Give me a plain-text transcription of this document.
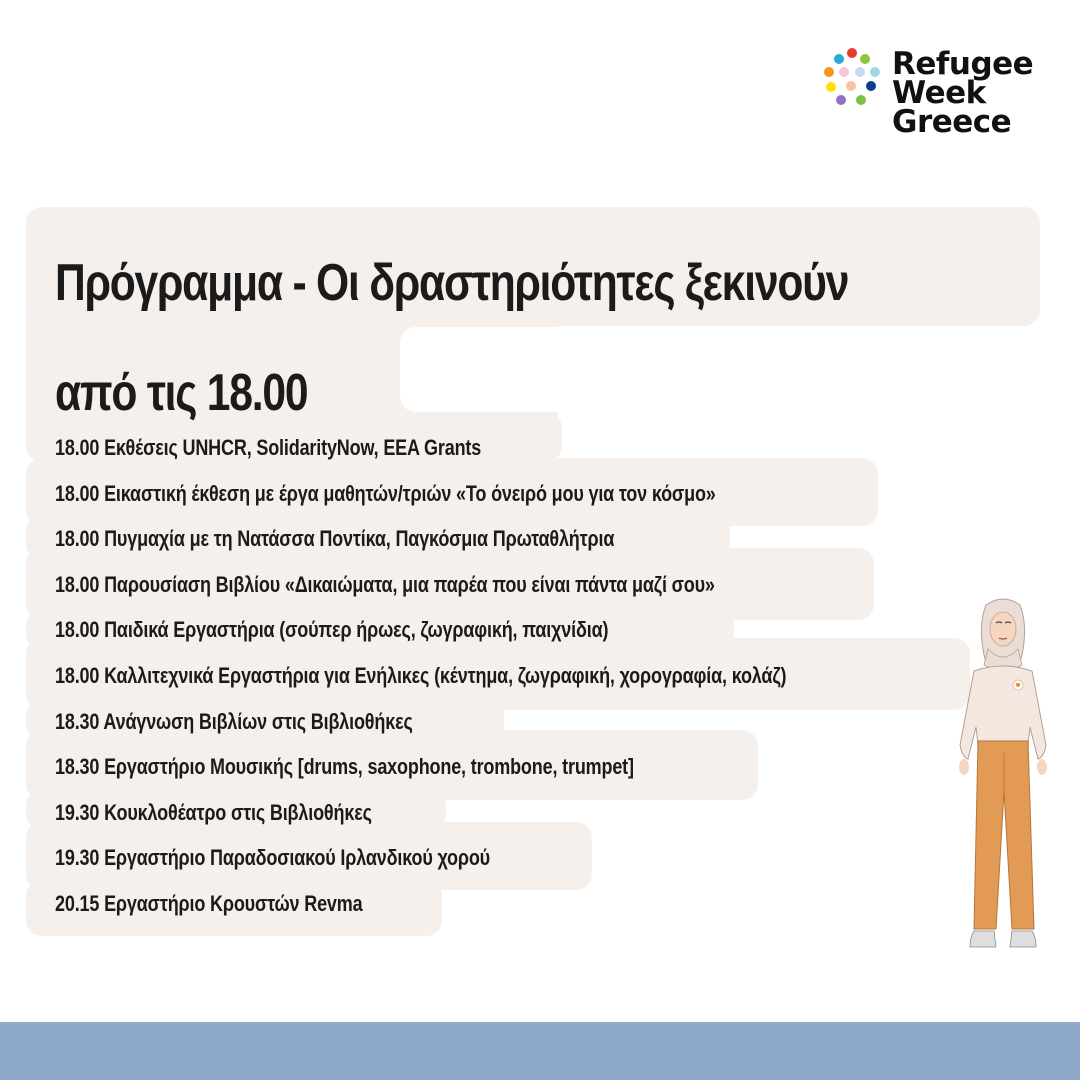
Refugee
Week
Greece
Πρόγραμμα - Οι δραστηριότητες ξεκινούν
από τις 18.00
18.00 Εκθέσεις UNHCR, SolidarityNow, EEA Grants
18.00 Εικαστική έκθεση με έργα μαθητών/τριών «Το όνειρό μου για τον κόσμο»
18.00 Πυγμαχία με τη Νατάσσα Ποντίκα, Παγκόσμια Πρωταθλήτρια
18.00 Παρουσίαση Βιβλίου «Δικαιώματα, μια παρέα που είναι πάντα μαζί σου»
18.00 Παιδικά Εργαστήρια (σούπερ ήρωες, ζωγραφική, παιχνίδια)
18.00 Καλλιτεχνικά Εργαστήρια για Ενήλικες (κέντημα, ζωγραφική, χορογραφία, κολάζ)
18.30 Ανάγνωση Βιβλίων στις Βιβλιοθήκες
18.30 Εργαστήριο Μουσικής [drums, saxophone, trombone, trumpet]
19.30 Κουκλοθέατρο στις Βιβλιοθήκες
19.30 Εργαστήριο Παραδοσιακού Ιρλανδικού χορού
20.15 Εργαστήριο Κρουστών Revma
